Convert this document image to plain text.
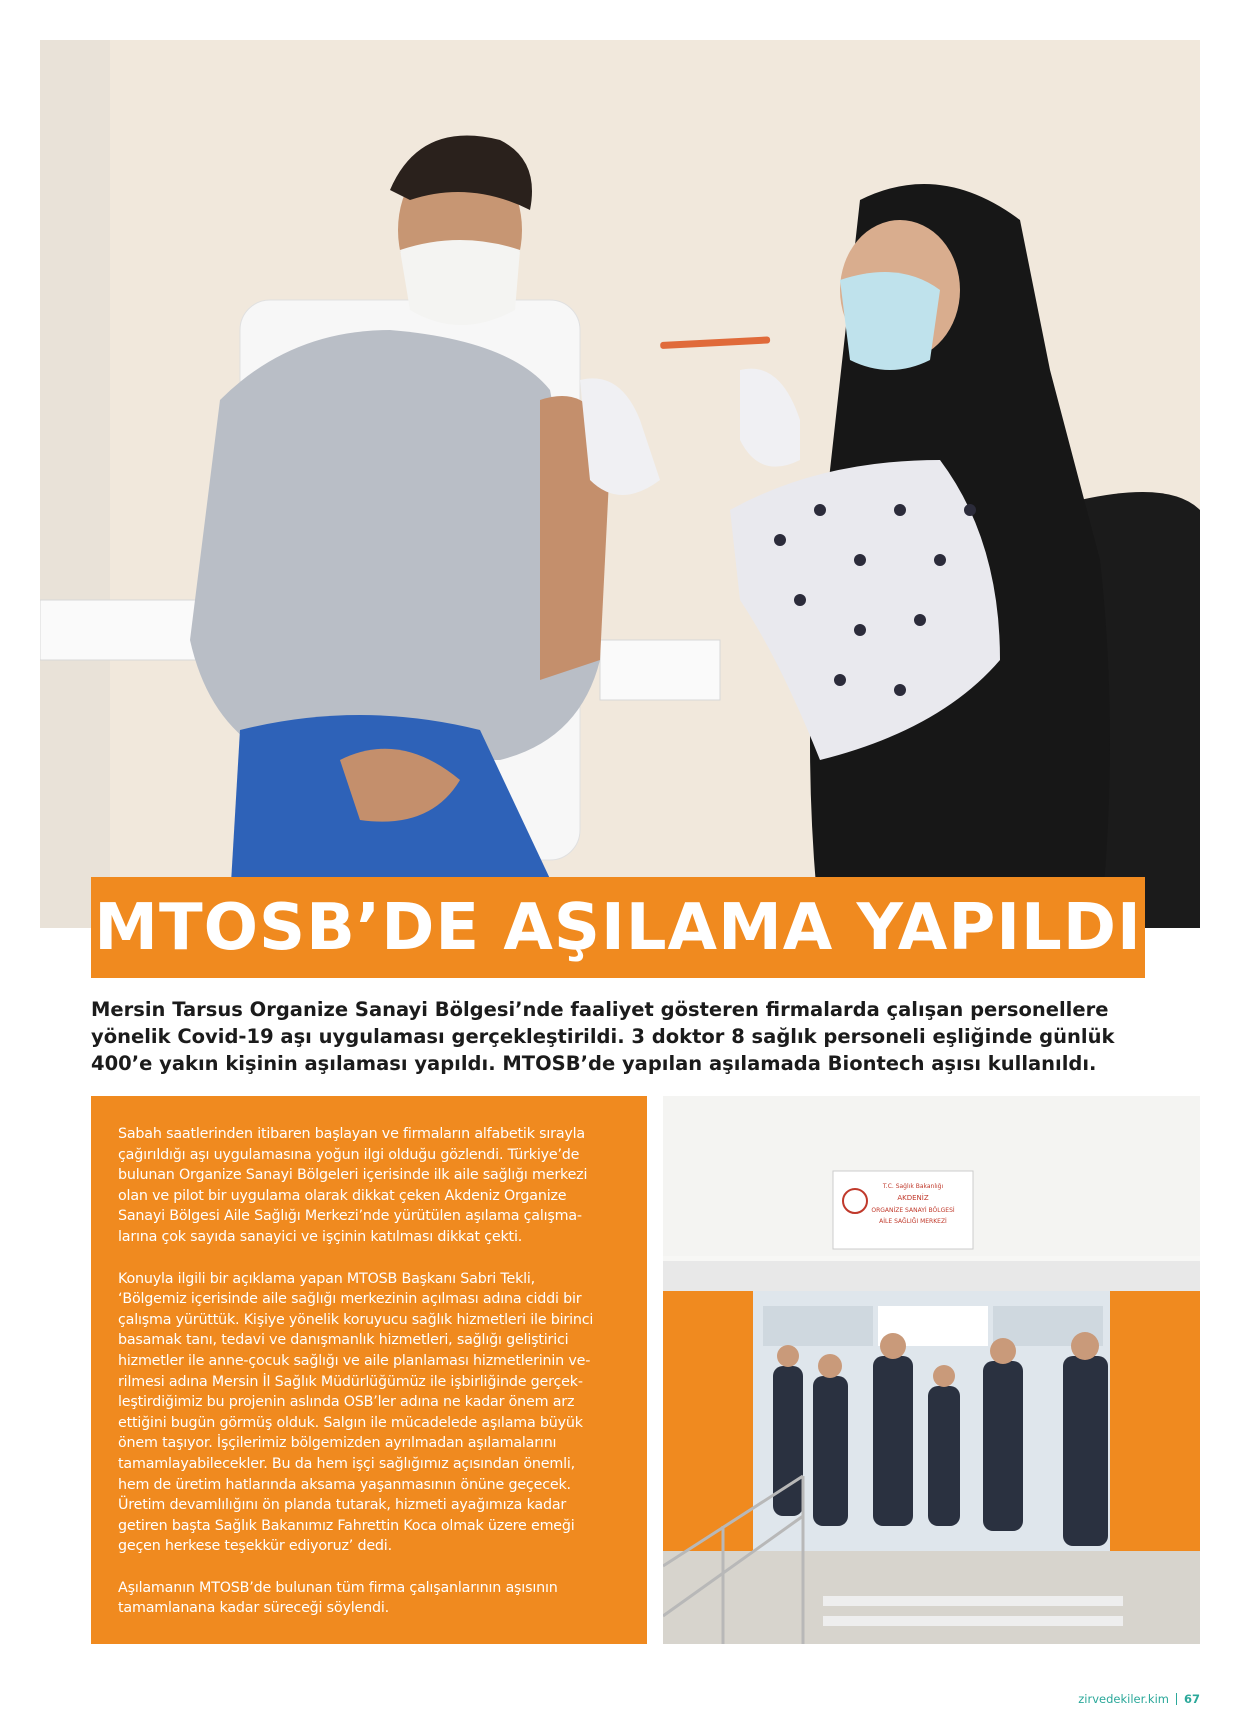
MTOSB’DE AŞILAMA YAPILDI
Mersin Tarsus Organize Sanayi Bölgesi’nde faaliyet gösteren firmalarda çalışan personellere yönelik Covid-19 aşı uygulaması gerçekleştirildi. 3 doktor 8 sağlık personeli eşliğinde günlük 400’e yakın kişinin aşılaması yapıldı. MTOSB’de yapılan aşılamada Biontech aşısı kullanıldı.

Sabah saatlerinden itibaren başlayan ve firmaların alfabetik sırayla
çağırıldığı aşı uygulamasına yoğun ilgi olduğu gözlendi. Türkiye’de
bulunan Organize Sanayi Bölgeleri içerisinde ilk aile sağlığı merkezi
olan ve pilot bir uygulama olarak dikkat çeken Akdeniz Organize
Sanayi Bölgesi Aile Sağlığı Merkezi’nde yürütülen aşılama çalışma-
larına çok sayıda sanayici ve işçinin katılması dikkat çekti.

Konuyla ilgili bir açıklama yapan MTOSB Başkanı Sabri Tekli,
‘Bölgemiz içerisinde aile sağlığı merkezinin açılması adına ciddi bir
çalışma yürüttük. Kişiye yönelik koruyucu sağlık hizmetleri ile birinci
basamak tanı, tedavi ve danışmanlık hizmetleri, sağlığı geliştirici
hizmetler ile anne-çocuk sağlığı ve aile planlaması hizmetlerinin ve-
rilmesi adına Mersin İl Sağlık Müdürlüğümüz ile işbirliğinde gerçek-
leştirdiğimiz bu projenin aslında OSB’ler adına ne kadar önem arz
ettiğini bugün görmüş olduk. Salgın ile mücadelede aşılama büyük
önem taşıyor. İşçilerimiz bölgemizden ayrılmadan aşılamalarını
tamamlayabilecekler. Bu da hem işçi sağlığımız açısından önemli,
hem de üretim hatlarında aksama yaşanmasının önüne geçecek.
Üretim devamlılığını ön planda tutarak, hizmeti ayağımıza kadar
getiren başta Sağlık Bakanımız Fahrettin Koca olmak üzere emeği
geçen herkese teşekkür ediyoruz’ dedi.

Aşılamanın MTOSB’de bulunan tüm firma çalışanlarının aşısının
tamamlanana kadar süreceği söylendi.

T.C. Sağlık Bakanlığı
AKDENİZ
ORGANİZE SANAYİ BÖLGESİ
AİLE SAĞLIĞI MERKEZİ
zirvedekiler.kim 67
